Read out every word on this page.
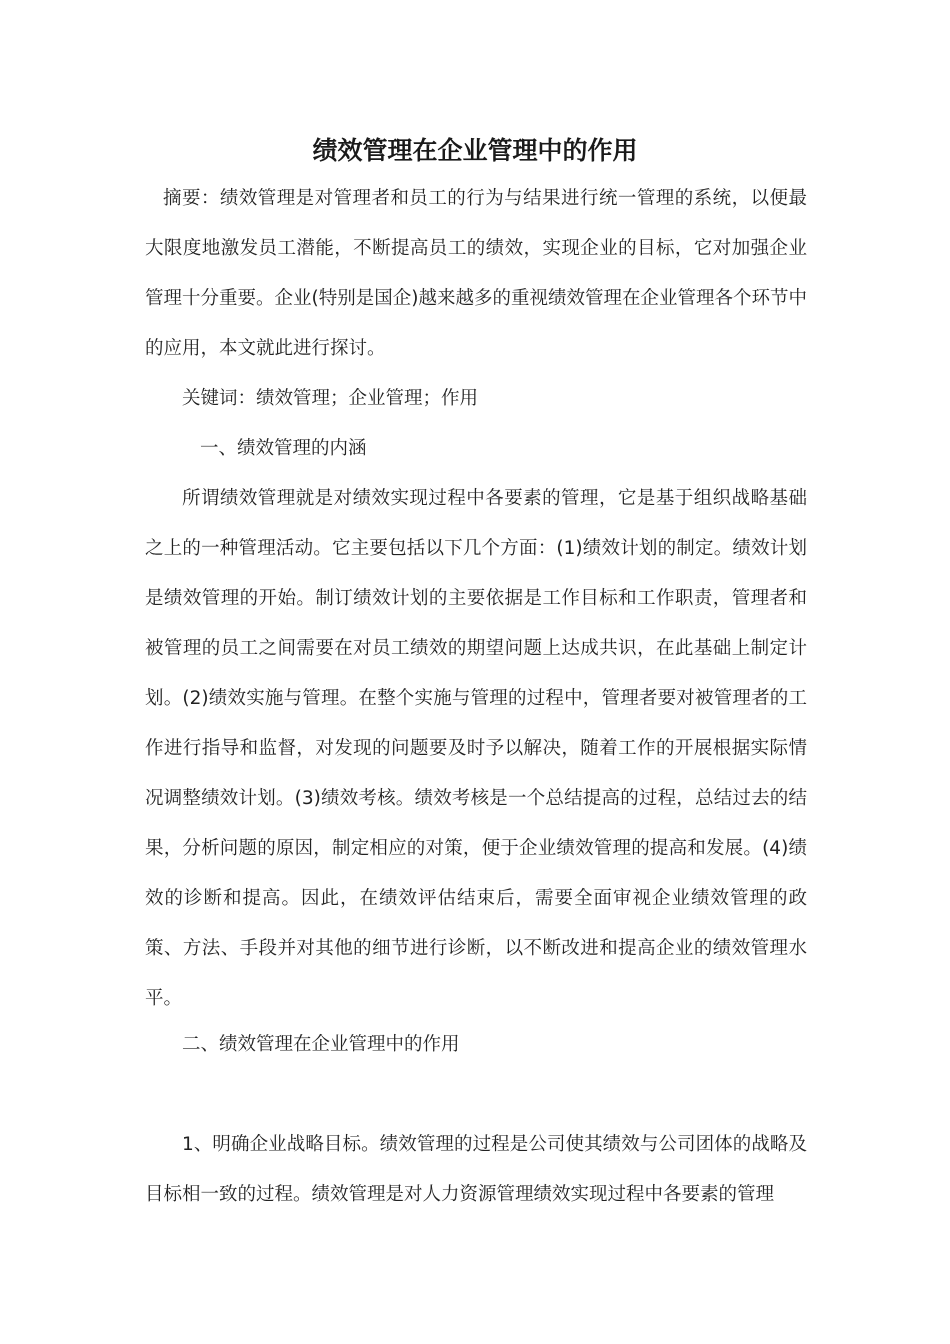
绩效管理在企业管理中的作用
摘要：绩效管理是对管理者和员工的行为与结果进行统一管理的系统，以便最大限度地激发员工潜能，不断提高员工的绩效，实现企业的目标，它对加强企业管理十分重要。企业(特别是国企)越来越多的重视绩效管理在企业管理各个环节中的应用，本文就此进行探讨。
关键词：绩效管理；企业管理；作用
一、绩效管理的内涵
所谓绩效管理就是对绩效实现过程中各要素的管理，它是基于组织战略基础之上的一种管理活动。它主要包括以下几个方面：(1)绩效计划的制定。绩效计划是绩效管理的开始。制订绩效计划的主要依据是工作目标和工作职责，管理者和被管理的员工之间需要在对员工绩效的期望问题上达成共识，在此基础上制定计划。(2)绩效实施与管理。在整个实施与管理的过程中，管理者要对被管理者的工作进行指导和监督，对发现的问题要及时予以解决，随着工作的开展根据实际情况调整绩效计划。(3)绩效考核。绩效考核是一个总结提高的过程，总结过去的结果，分析问题的原因，制定相应的对策，便于企业绩效管理的提高和发展。(4)绩效的诊断和提高。因此，在绩效评估结束后，需要全面审视企业绩效管理的政策、方法、手段并对其他的细节进行诊断，以不断改进和提高企业的绩效管理水平。
二、绩效管理在企业管理中的作用
1、明确企业战略目标。绩效管理的过程是公司使其绩效与公司团体的战略及目标相一致的过程。绩效管理是对人力资源管理绩效实现过程中各要素的管理
